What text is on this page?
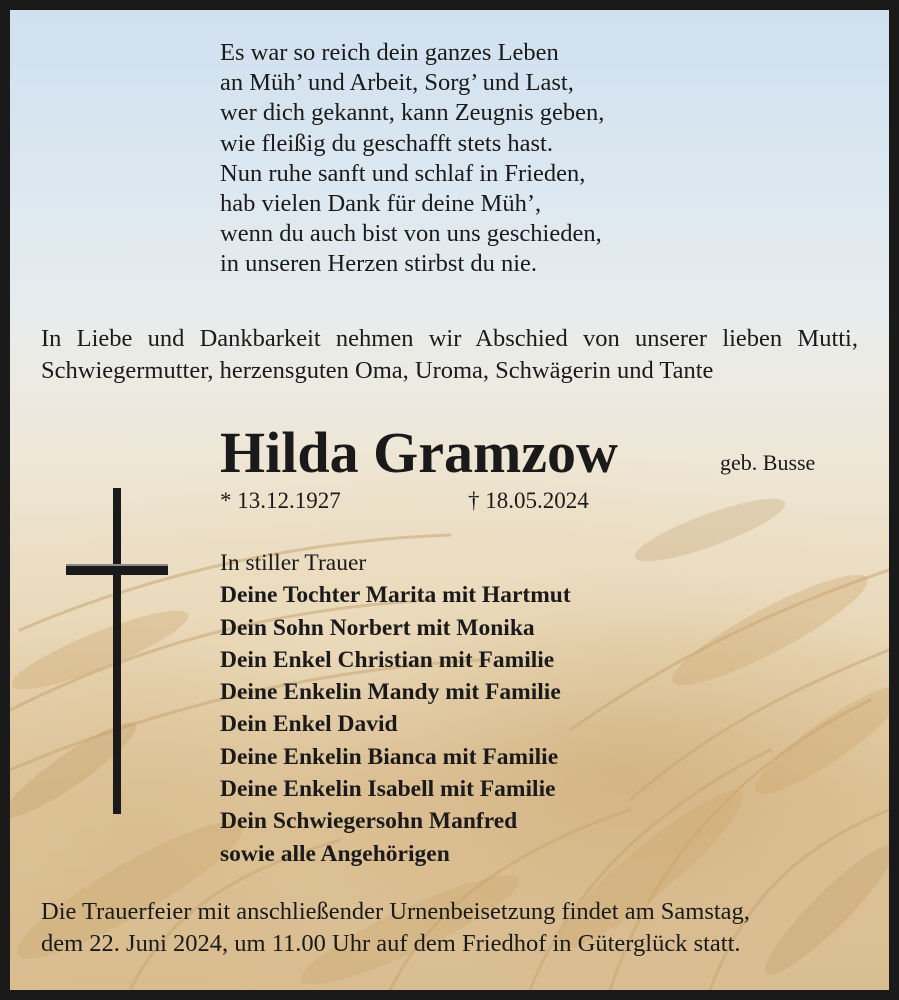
Es war so reich dein ganzes Leben
an Müh’ und Arbeit, Sorg’ und Last,
wer dich gekannt, kann Zeugnis geben,
wie fleißig du geschafft stets hast.
Nun ruhe sanft und schlaf in Frieden,
hab vielen Dank für deine Müh’,
wenn du auch bist von uns geschieden,
in unseren Herzen stirbst du nie.
In Liebe und Dankbarkeit nehmen wir Abschied von unserer lieben Mutti, Schwiegermutter, herzensguten Oma, Uroma, Schwägerin und Tante
Hilda Gramzow	geb. Busse
* 13.12.1927	† 18.05.2024
In stiller Trauer
Deine Tochter Marita mit Hartmut
Dein Sohn Norbert mit Monika
Dein Enkel Christian mit Familie
Deine Enkelin Mandy mit Familie
Dein Enkel David
Deine Enkelin Bianca mit Familie
Deine Enkelin Isabell mit Familie
Dein Schwiegersohn Manfred
sowie alle Angehörigen
Die Trauerfeier mit anschließender Urnenbeisetzung findet am Samstag,
dem 22. Juni 2024, um 11.00 Uhr auf dem Friedhof in Güterglück statt.
